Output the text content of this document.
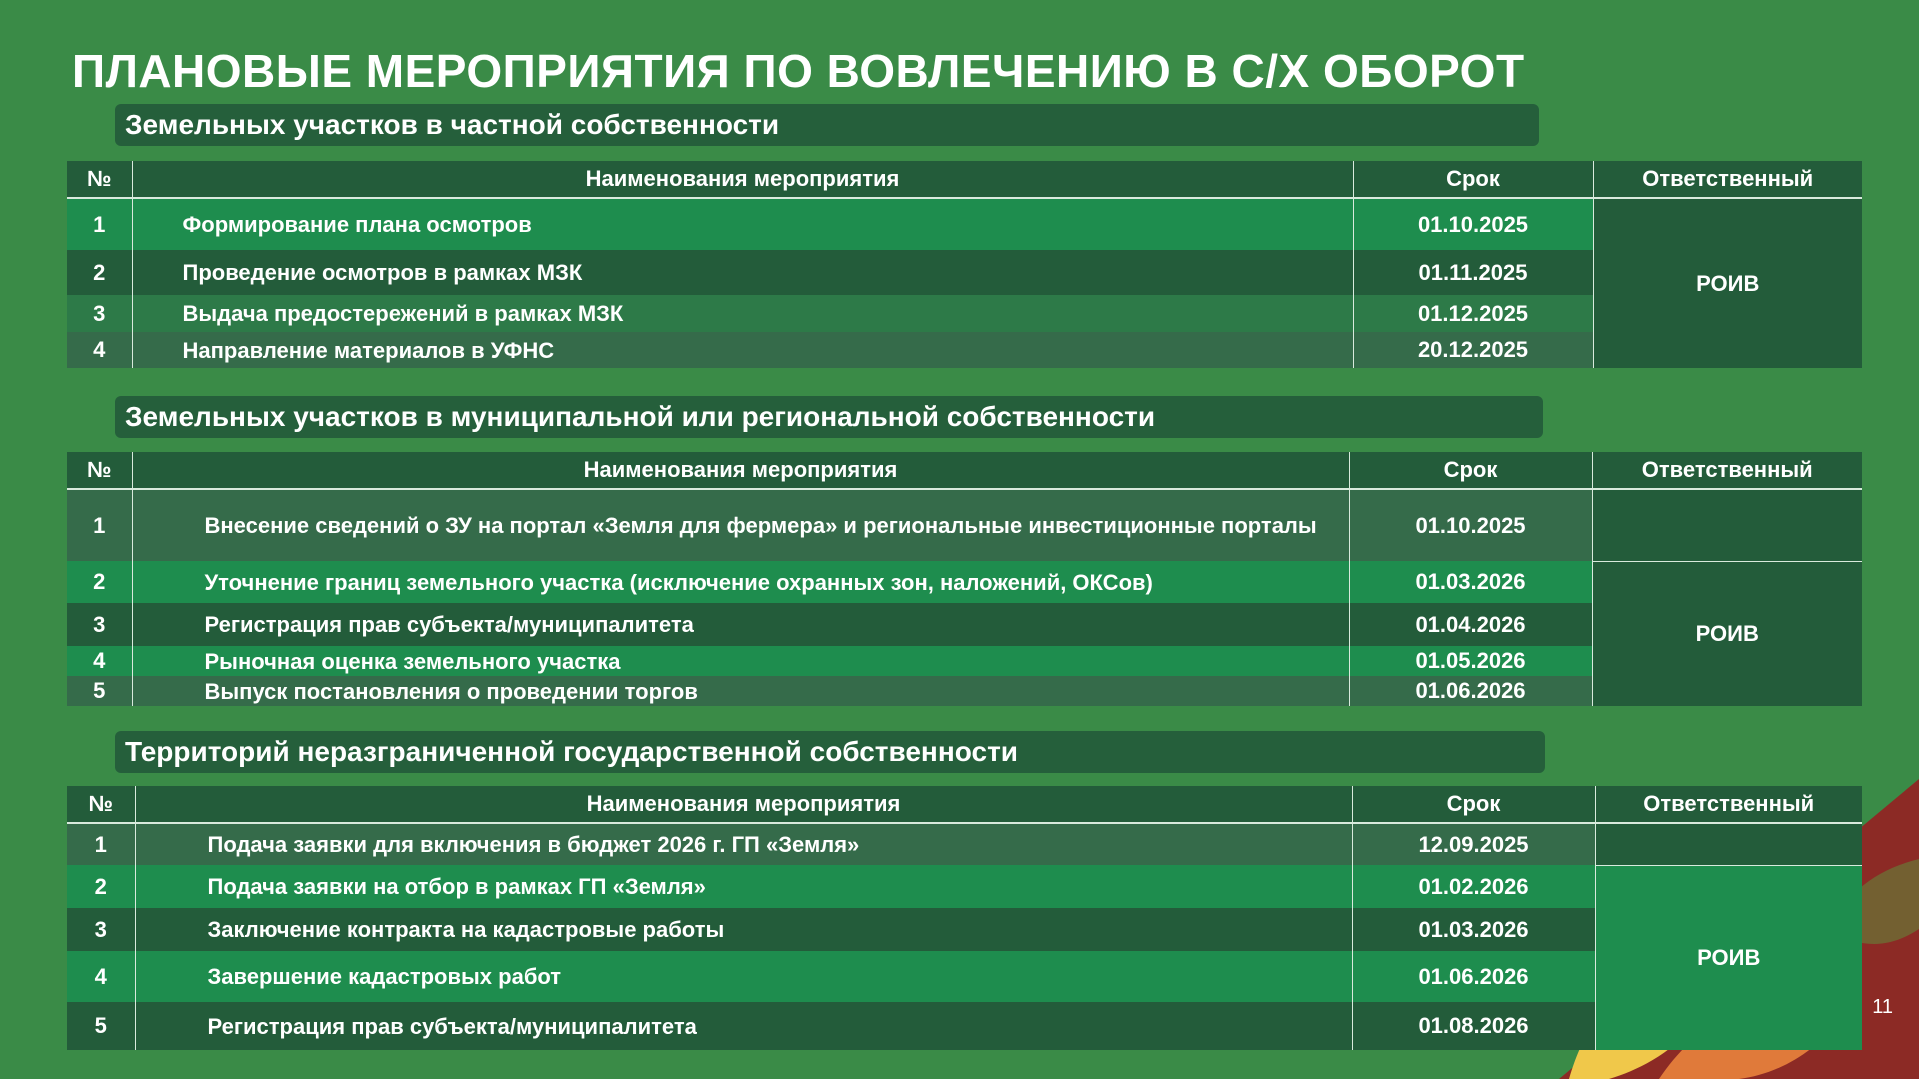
ПЛАНОВЫЕ МЕРОПРИЯТИЯ ПО ВОВЛЕЧЕНИЮ В С/Х ОБОРОТ
Земельных участков в частной собственности
№	Наименования мероприятия	Срок	Ответственный
1	Формирование плана осмотров	01.10.2025	РОИВ
2	Проведение осмотров в рамках МЗК	01.11.2025	
3	Выдача предостережений в рамках МЗК	01.12.2025	
4	Направление материалов в УФНС	20.12.2025	
Земельных участков в муниципальной или региональной собственности
№	Наименования мероприятия	Срок	Ответственный
1	Внесение сведений о ЗУ на портал «Земля для фермера» и региональные инвестиционные порталы	01.10.2025	
2	Уточнение границ земельного участка (исключение охранных зон, наложений, ОКСов)	01.03.2026	РОИВ
3	Регистрация прав субъекта/муниципалитета	01.04.2026	
4	Рыночная оценка земельного участка	01.05.2026	
5	Выпуск постановления о проведении торгов	01.06.2026	
Территорий неразграниченной государственной собственности
№	Наименования мероприятия	Срок	Ответственный
1	Подача заявки для включения в бюджет 2026 г. ГП «Земля»	12.09.2025	
2	Подача заявки на отбор в рамках ГП «Земля»	01.02.2026	РОИВ
3	Заключение контракта на кадастровые работы	01.03.2026	
4	Завершение кадастровых работ	01.06.2026	
5	Регистрация прав субъекта/муниципалитета	01.08.2026	
11
